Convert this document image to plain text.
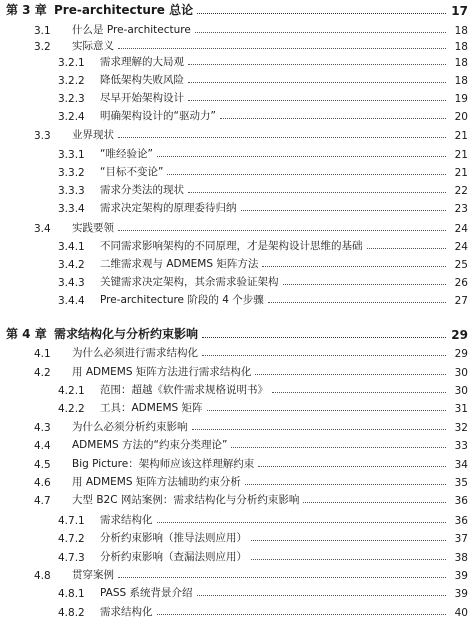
第 3 章 Pre-architecture 总论	17
3.1	什么是 Pre-architecture	18
3.2	实际意义	18
3.2.1	需求理解的大局观	18
3.2.2	降低架构失败风险	18
3.2.3	尽早开始架构设计	19
3.2.4	明确架构设计的“驱动力”	20
3.3	业界现状	21
3.3.1	“唯经验论”	21
3.3.2	“目标不变论”	21
3.3.3	需求分类法的现状	22
3.3.4	需求决定架构的原理委待归纳	23
3.4	实践要领	24
3.4.1	不同需求影响架构的不同原理，才是架构设计思维的基础	24
3.4.2	二维需求观与 ADMEMS 矩阵方法	25
3.4.3	关键需求决定架构，其余需求验证架构	26
3.4.4	Pre-architecture 阶段的 4 个步骤	27
第 4 章 需求结构化与分析约束影响	29
4.1	为什么必须进行需求结构化	29
4.2	用 ADMEMS 矩阵方法进行需求结构化	30
4.2.1	范围：超越《软件需求规格说明书》	30
4.2.2	工具：ADMEMS 矩阵	31
4.3	为什么必须分析约束影响	32
4.4	ADMEMS 方法的“约束分类理论”	33
4.5	Big Picture：架构师应该这样理解约束	34
4.6	用 ADMEMS 矩阵方法辅助约束分析	35
4.7	大型 B2C 网站案例：需求结构化与分析约束影响	36
4.7.1	需求结构化	36
4.7.2	分析约束影响（推导法则应用）	37
4.7.3	分析约束影响（查漏法则应用）	38
4.8	贯穿案例	39
4.8.1	PASS 系统背景介绍	39
4.8.2	需求结构化	40
